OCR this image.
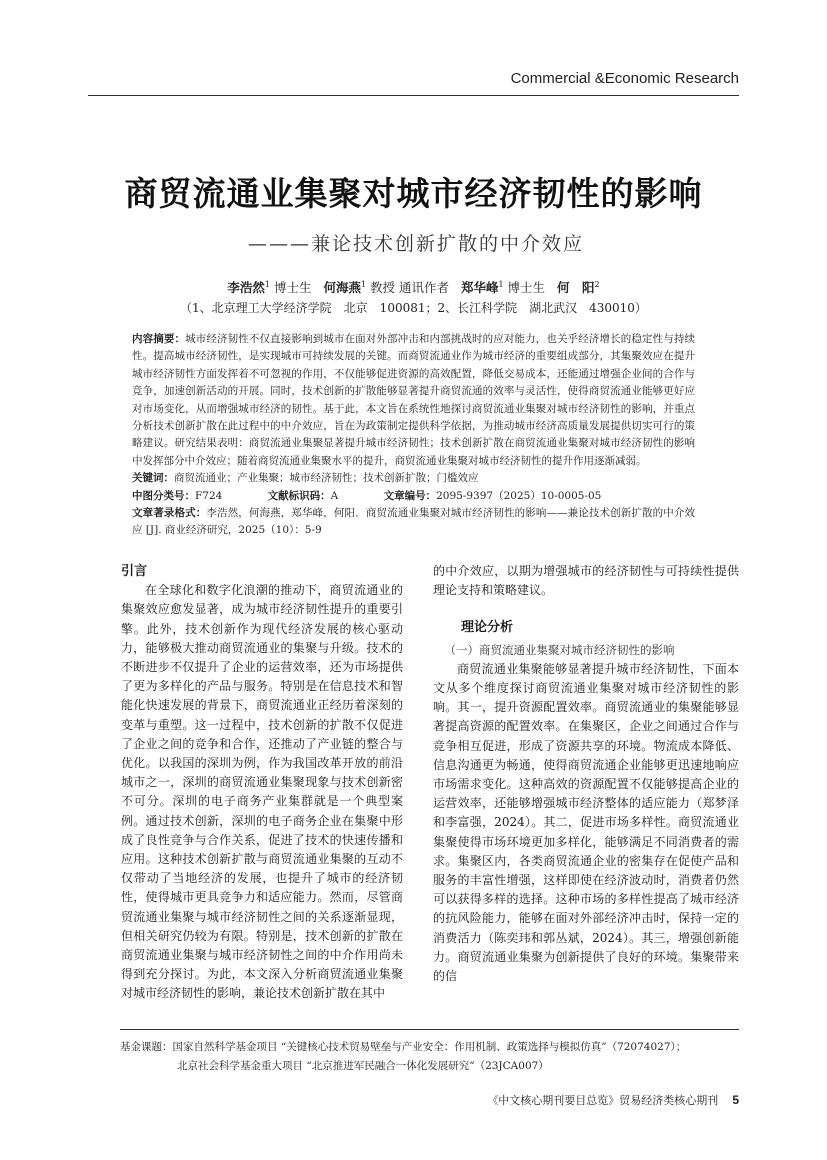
Commercial &Economic Research
商贸流通业集聚对城市经济韧性的影响
———兼论技术创新扩散的中介效应
李浩然$^1$ 博士生 何海燕$^1$ 教授 通讯作者 郑华峰$^1$ 博士生 何　阳$^2$
（1、北京理工大学经济学院　北京　100081；2、长江科学院　湖北武汉　430010）

内容摘要：城市经济韧性不仅直接影响到城市在面对外部冲击和内部挑战时的应对能力，也关乎经济增长的稳定性与持续性。提高城市经济韧性，是实现城市可持续发展的关键。而商贸流通业作为城市经济的重要组成部分，其集聚效应在提升城市经济韧性方面发挥着不可忽视的作用，不仅能够促进资源的高效配置，降低交易成本，还能通过增强企业间的合作与竞争，加速创新活动的开展。同时，技术创新的扩散能够显著提升商贸流通的效率与灵活性，使得商贸流通业能够更好应对市场变化，从而增强城市经济的韧性。基于此，本文旨在系统性地探讨商贸流通业集聚对城市经济韧性的影响，并重点分析技术创新扩散在此过程中的中介效应，旨在为政策制定提供科学依据，为推动城市经济高质量发展提供切实可行的策略建议。研究结果表明：商贸流通业集聚显著提升城市经济韧性；技术创新扩散在商贸流通业集聚对城市经济韧性的影响中发挥部分中介效应；随着商贸流通业集聚水平的提升，商贸流通业集聚对城市经济韧性的提升作用逐渐减弱。

关键词：商贸流通业；产业集聚；城市经济韧性；技术创新扩散；门槛效应

中图分类号：F724	文献标识码：A	文章编号：2095-9397（2025）10-0005-05

文章著录格式：李浩然，何海燕，郑华峰，何阳．商贸流通业集聚对城市经济韧性的影响——兼论技术创新扩散的中介效应 [J]. 商业经济研究，2025（10）：5-9

引言

在全球化和数字化浪潮的推动下，商贸流通业的集聚效应愈发显著，成为城市经济韧性提升的重要引擎。此外，技术创新作为现代经济发展的核心驱动力，能够极大推动商贸流通业的集聚与升级。技术的不断进步不仅提升了企业的运营效率，还为市场提供了更为多样化的产品与服务。特别是在信息技术和智能化快速发展的背景下，商贸流通业正经历着深刻的变革与重塑。这一过程中，技术创新的扩散不仅促进了企业之间的竞争和合作，还推动了产业链的整合与优化。以我国的深圳为例，作为我国改革开放的前沿城市之一，深圳的商贸流通业集聚现象与技术创新密不可分。深圳的电子商务产业集群就是一个典型案例。通过技术创新，深圳的电子商务企业在集聚中形成了良性竞争与合作关系，促进了技术的快速传播和应用。这种技术创新扩散与商贸流通业集聚的互动不仅带动了当地经济的发展，也提升了城市的经济韧性，使得城市更具竞争力和适应能力。然而，尽管商贸流通业集聚与城市经济韧性之间的关系逐渐显现，但相关研究仍较为有限。特别是，技术创新的扩散在商贸流通业集聚与城市经济韧性之间的中介作用尚未得到充分探讨。为此，本文深入分析商贸流通业集聚对城市经济韧性的影响，兼论技术创新扩散在其中

的中介效应，以期为增强城市的经济韧性与可持续性提供理论支持和策略建议。

理论分析

（一）商贸流通业集聚对城市经济韧性的影响

商贸流通业集聚能够显著提升城市经济韧性，下面本文从多个维度探讨商贸流通业集聚对城市经济韧性的影响。其一，提升资源配置效率。商贸流通业的集聚能够显著提高资源的配置效率。在集聚区，企业之间通过合作与竞争相互促进，形成了资源共享的环境。物流成本降低、信息沟通更为畅通，使得商贸流通企业能够更迅速地响应市场需求变化。这种高效的资源配置不仅能够提高企业的运营效率，还能够增强城市经济整体的适应能力（郑梦泽和李富强，2024）。其二，促进市场多样性。商贸流通业集聚使得市场环境更加多样化，能够满足不同消费者的需求。集聚区内，各类商贸流通企业的密集存在促使产品和服务的丰富性增强，这样即使在经济波动时，消费者仍然可以获得多样的选择。这种市场的多样性提高了城市经济的抗风险能力，能够在面对外部经济冲击时，保持一定的消费活力（陈奕玮和郭丛斌，2024）。其三，增强创新能力。商贸流通业集聚为创新提供了良好的环境。集聚带来的信

基金课题：国家自然科学基金项目 “关键核心技术贸易壁垒与产业安全：作用机制、政策选择与模拟仿真”（72074027）；
北京社会科学基金重大项目 “北京推进军民融合一体化发展研究”（23JCA007）
《中文核心期刊要目总览》贸易经济类核心期刊 5
